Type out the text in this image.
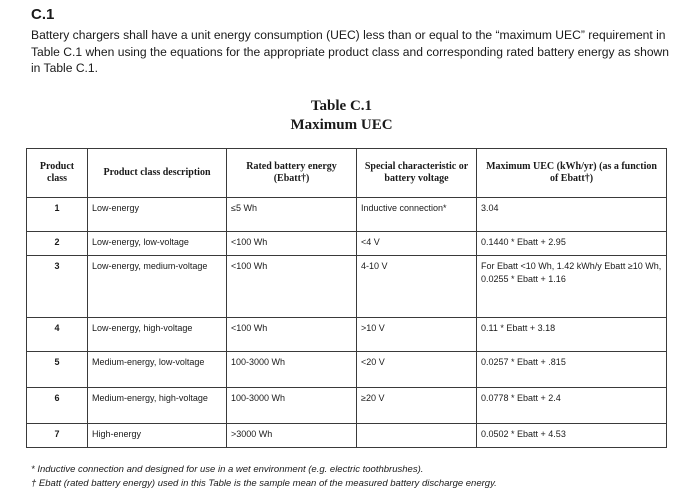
C.1

Battery chargers shall have a unit energy consumption (UEC) less than or equal to the “maximum UEC” requirement in Table C.1 when using the equations for the appropriate product class and corresponding rated battery energy as shown in Table C.1.

Table C.1
Maximum UEC
Product class	Product class description	Rated battery energy (Ebatt†)	Special characteristic or battery voltage	Maximum UEC (kWh/yr) (as a function of Ebatt†)
1	Low-energy	≤5 Wh	Inductive connection*	3.04
2	Low-energy, low-voltage	<100 Wh	<4 V	0.1440 * Ebatt + 2.95
3	Low-energy, medium-voltage	<100 Wh	4-10 V	For Ebatt <10 Wh, 1.42 kWh/y Ebatt ≥10 Wh, 0.0255 * Ebatt + 1.16
4	Low-energy, high-voltage	<100 Wh	>10 V	0.11 * Ebatt + 3.18
5	Medium-energy, low-voltage	100-3000 Wh	<20 V	0.0257 * Ebatt + .815
6	Medium-energy, high-voltage	100-3000 Wh	≥20 V	0.0778 * Ebatt + 2.4
7	High-energy	>3000 Wh		0.0502 * Ebatt + 4.53

* Inductive connection and designed for use in a wet environment (e.g. electric toothbrushes).

† Ebatt (rated battery energy) used in this Table is the sample mean of the measured battery discharge energy.
